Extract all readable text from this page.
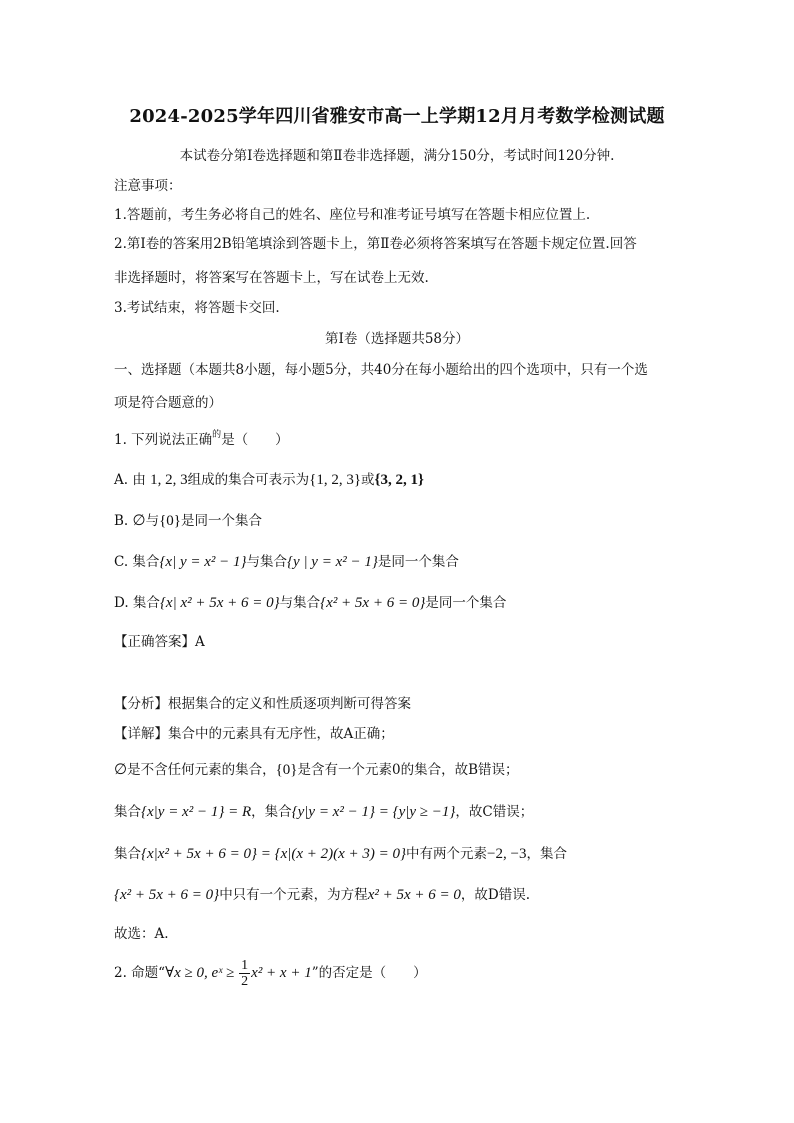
2024-2025学年四川省雅安市高一上学期12月月考数学检测试题
本试卷分第Ⅰ卷选择题和第Ⅱ卷非选择题，满分150分，考试时间120分钟.
注意事项：
1.答题前，考生务必将自己的姓名、座位号和准考证号填写在答题卡相应位置上.
2.第Ⅰ卷的答案用2B铅笔填涂到答题卡上，第Ⅱ卷必须将答案填写在答题卡规定位置.回答
非选择题时，将答案写在答题卡上，写在试卷上无效.
3.考试结束，将答题卡交回.
第Ⅰ卷（选择题共58分）
一、选择题（本题共8小题，每小题5分，共40分在每小题给出的四个选项中，只有一个选
项是符合题意的）
1. 下列说法正确$^的$是（　　）
A. 由 1, 2, 3组成的集合可表示为{1, 2, 3}或{3, 2, 1}
B. ∅与{0}是同一个集合
C. 集合{x| y = x² − 1}与集合{y | y = x² − 1}是同一个集合
D. 集合{x| x² + 5x + 6 = 0}与集合{x² + 5x + 6 = 0}是同一个集合
【正确答案】A
【分析】根据集合的定义和性质逐项判断可得答案
【详解】集合中的元素具有无序性，故A正确；
∅是不含任何元素的集合，{0}是含有一个元素0的集合，故B错误；
集合{x|y = x² − 1} = R，集合{y|y = x² − 1} = {y|y ≥ −1}，故C错误；
集合{x|x² + 5x + 6 = 0} = {x|(x + 2)(x + 3) = 0}中有两个元素−2, −3，集合
{x² + 5x + 6 = 0}中只有一个元素，为方程x² + 5x + 6 = 0，故D错误.
故选：A.
2. 命题“∀x ≥ 0, eˣ ≥ $\frac{1}{2} x^2 + x + 1$”的否定是（　　）
